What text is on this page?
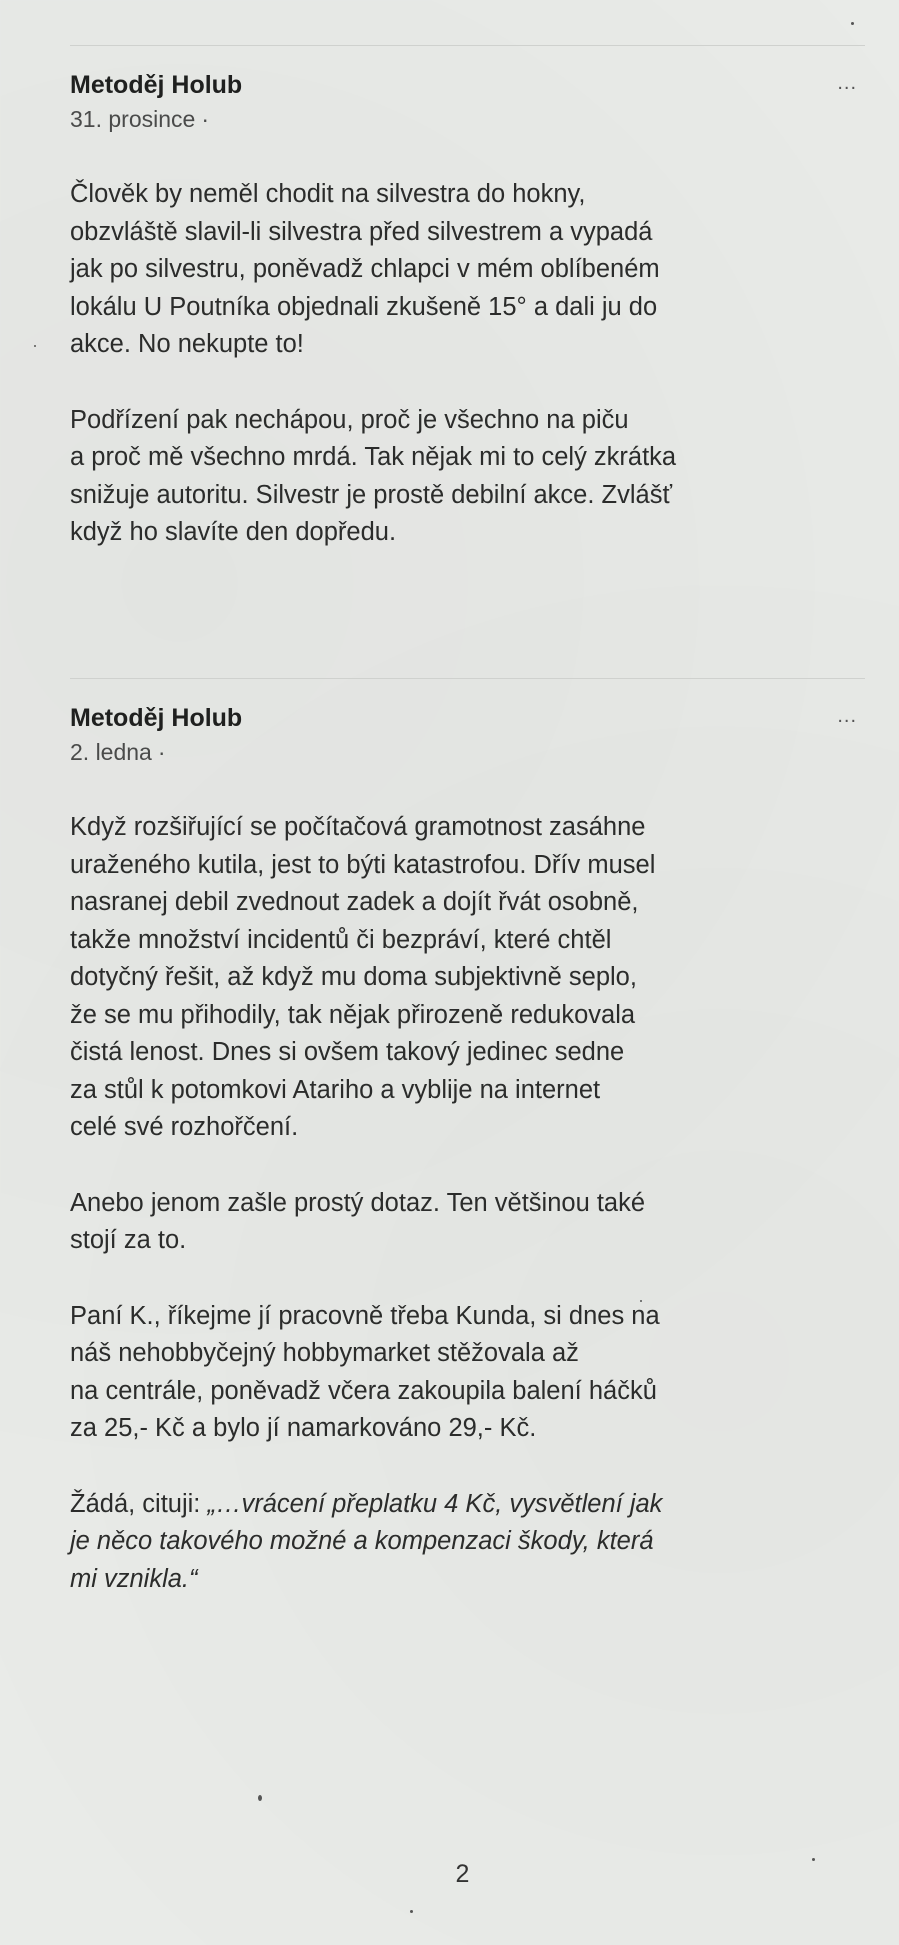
Metoděj Holub
31. prosince ·
...

Člověk by neměl chodit na silvestra do hokny,
obzvláště slavil-li silvestra před silvestrem a vypadá
jak po silvestru, poněvadž chlapci v mém oblíbeném
lokálu U Poutníka objednali zkušeně 15° a dali ju do
akce. No nekupte to!

Podřízení pak nechápou, proč je všechno na piču
a proč mě všechno mrdá. Tak nějak mi to celý zkrátka
snižuje autoritu. Silvestr je prostě debilní akce. Zvlášť
když ho slavíte den dopředu.

Metoděj Holub
2. ledna ·
...

Když rozšiřující se počítačová gramotnost zasáhne
uraženého kutila, jest to býti katastrofou. Dřív musel
nasranej debil zvednout zadek a dojít řvát osobně,
takže množství incidentů či bezpráví, které chtěl
dotyčný řešit, až když mu doma subjektivně seplo,
že se mu přihodily, tak nějak přirozeně redukovala
čistá lenost. Dnes si ovšem takový jedinec sedne
za stůl k potomkovi Atariho a vyblije na internet
celé své rozhořčení.

Anebo jenom zašle prostý dotaz. Ten většinou také
stojí za to.

Paní K., říkejme jí pracovně třeba Kunda, si dnes na
náš nehobbyčejný hobbymarket stěžovala až
na centrále, poněvadž včera zakoupila balení háčků
za 25,- Kč a bylo jí namarkováno 29,- Kč.

Žádá, cituji: „…vrácení přeplatku 4 Kč, vysvětlení jak
je něco takového možné a kompenzaci škody, která
mi vznikla.“

2
